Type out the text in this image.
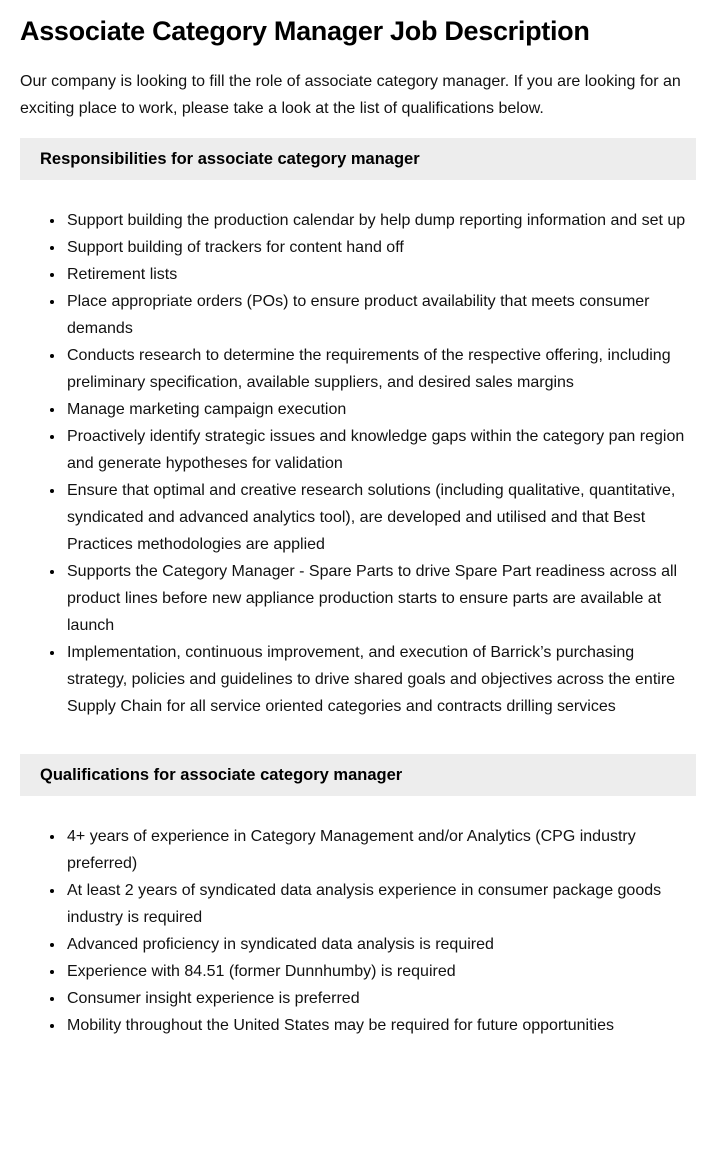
Associate Category Manager Job Description

Our company is looking to fill the role of associate category manager. If you are looking for an exciting place to work, please take a look at the list of qualifications below.

Responsibilities for associate category manager
• Support building the production calendar by help dump reporting information and set up
• Support building of trackers for content hand off
• Retirement lists
• Place appropriate orders (POs) to ensure product availability that meets consumer demands
• Conducts research to determine the requirements of the respective offering, including preliminary specification, available suppliers, and desired sales margins
• Manage marketing campaign execution
• Proactively identify strategic issues and knowledge gaps within the category pan region and generate hypotheses for validation
• Ensure that optimal and creative research solutions (including qualitative, quantitative, syndicated and advanced analytics tool), are developed and utilised and that Best Practices methodologies are applied
• Supports the Category Manager - Spare Parts to drive Spare Part readiness across all product lines before new appliance production starts to ensure parts are available at launch
• Implementation, continuous improvement, and execution of Barrick’s purchasing strategy, policies and guidelines to drive shared goals and objectives across the entire Supply Chain for all service oriented categories and contracts drilling services
Qualifications for associate category manager
• 4+ years of experience in Category Management and/or Analytics (CPG industry preferred)
• At least 2 years of syndicated data analysis experience in consumer package goods industry is required
• Advanced proficiency in syndicated data analysis is required
• Experience with 84.51 (former Dunnhumby) is required
• Consumer insight experience is preferred
• Mobility throughout the United States may be required for future opportunities
